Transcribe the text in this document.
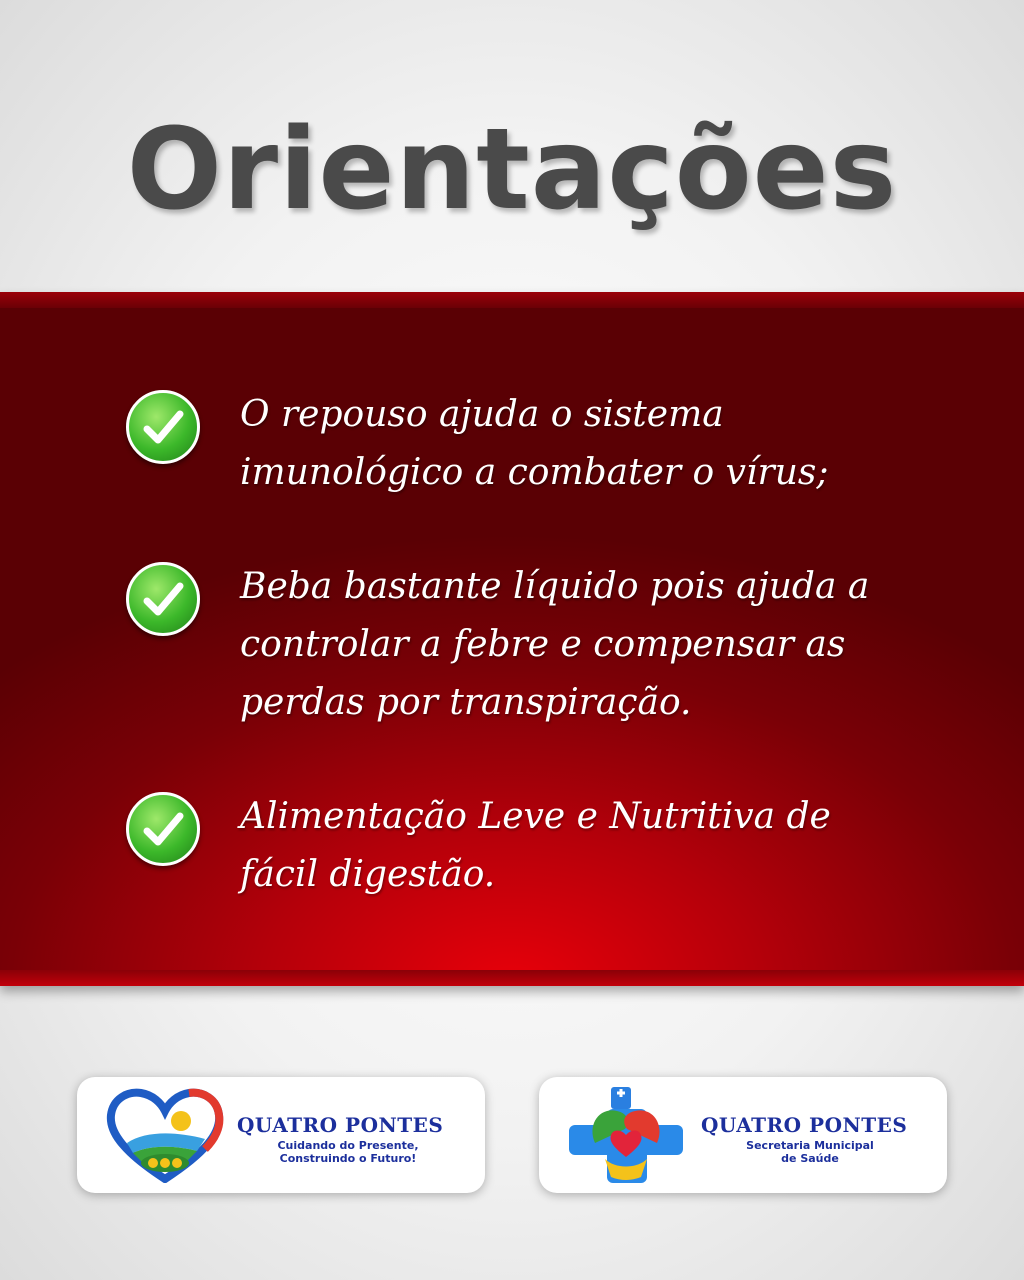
Orientações
O repouso ajuda o sistema imunológico a combater o vírus;
Beba bastante líquido pois ajuda a controlar a febre e compensar as perdas por transpiração.
Alimentação Leve e Nutritiva de fácil digestão.
QUATRO PONTES
Cuidando do Presente,
Construindo o Futuro!
QUATRO PONTES
Secretaria Municipal
de Saúde
